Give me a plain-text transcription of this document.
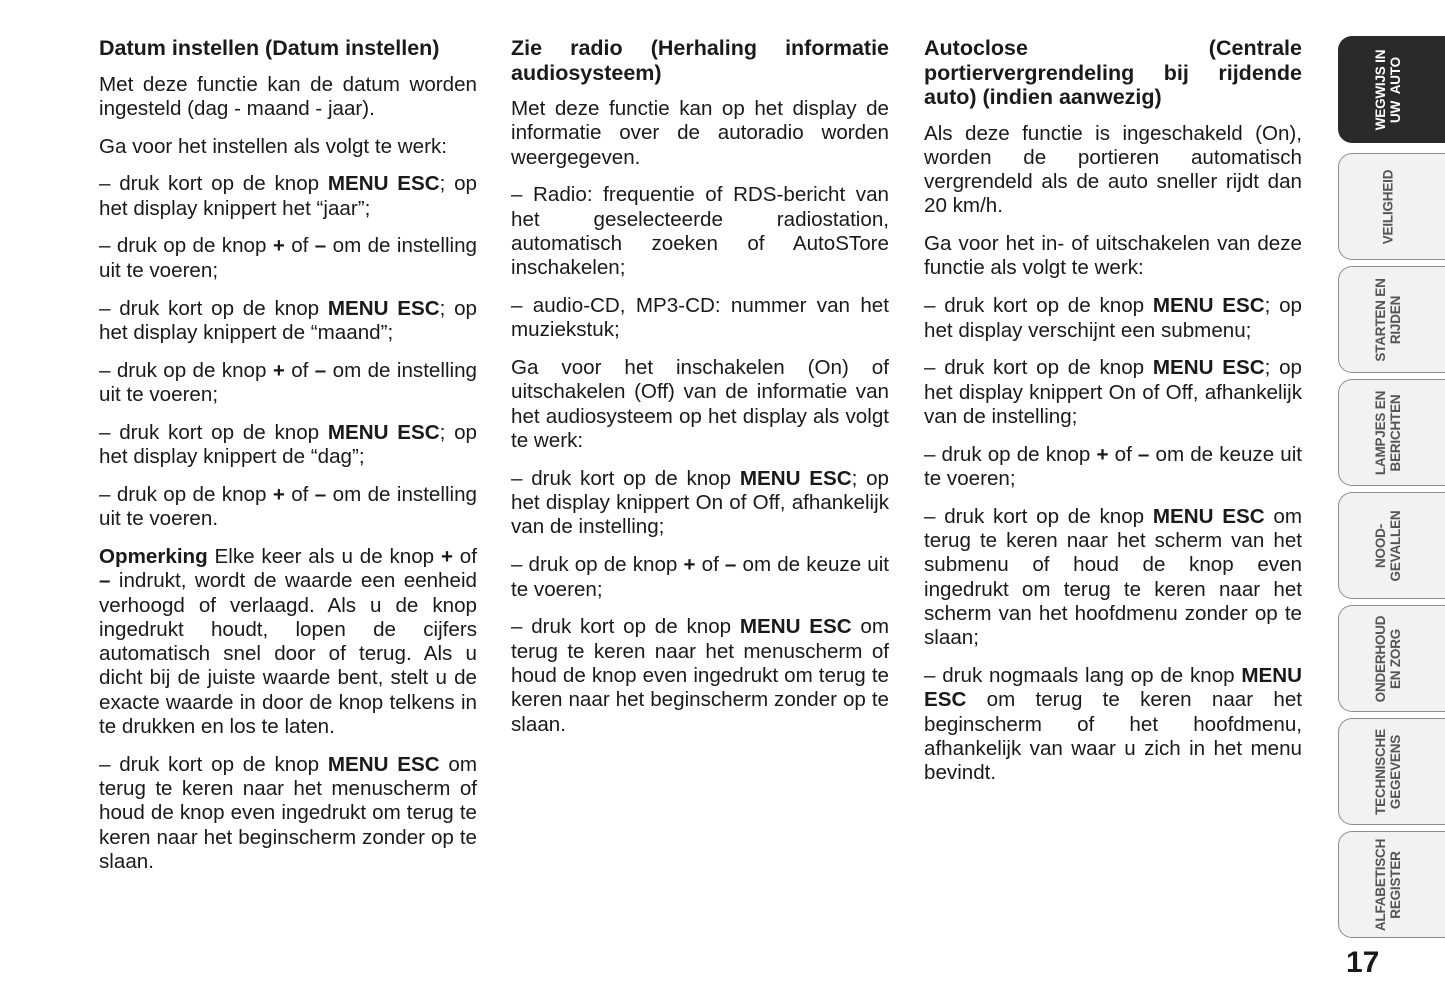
Datum instellen (Datum instellen)

Met deze functie kan de datum worden ingesteld (dag - maand - jaar).

Ga voor het instellen als volgt te werk:

– druk kort op de knop MENU ESC; op het display knippert het “jaar”;

– druk op de knop + of – om de instelling uit te voeren;

– druk kort op de knop MENU ESC; op het display knippert de “maand”;

– druk op de knop + of – om de instelling uit te voeren;

– druk kort op de knop MENU ESC; op het display knippert de “dag”;

– druk op de knop + of – om de instelling uit te voeren.

Opmerking Elke keer als u de knop + of – indrukt, wordt de waarde een eenheid verhoogd of verlaagd. Als u de knop ingedrukt houdt, lopen de cijfers automatisch snel door of terug. Als u dicht bij de juiste waarde bent, stelt u de exacte waarde in door de knop telkens in te drukken en los te laten.

– druk kort op de knop MENU ESC om terug te keren naar het menuscherm of houd de knop even ingedrukt om terug te keren naar het beginscherm zonder op te slaan.

Zie radio (Herhaling informatie audiosysteem)

Met deze functie kan op het display de informatie over de autoradio worden weergegeven.

– Radio: frequentie of RDS-bericht van het geselecteerde radiostation, automatisch zoeken of AutoSTore inschakelen;

– audio-CD, MP3-CD: nummer van het muziekstuk;

Ga voor het inschakelen (On) of uitschakelen (Off) van de informatie van het audiosysteem op het display als volgt te werk:

– druk kort op de knop MENU ESC; op het display knippert On of Off, afhankelijk van de instelling;

– druk op de knop + of – om de keuze uit te voeren;

– druk kort op de knop MENU ESC om terug te keren naar het menuscherm of houd de knop even ingedrukt om terug te keren naar het beginscherm zonder op te slaan.

Autoclose (Centrale portiervergrendeling bij rijdende auto) (indien aanwezig)

Als deze functie is ingeschakeld (On), worden de portieren automatisch vergrendeld als de auto sneller rijdt dan 20 km/h.

Ga voor het in- of uitschakelen van deze functie als volgt te werk:

– druk kort op de knop MENU ESC; op het display verschijnt een submenu;

– druk kort op de knop MENU ESC; op het display knippert On of Off, afhankelijk van de instelling;

– druk op de knop + of – om de keuze uit te voeren;

– druk kort op de knop MENU ESC om terug te keren naar het scherm van het submenu of houd de knop even ingedrukt om terug te keren naar het scherm van het hoofdmenu zonder op te slaan;

– druk nogmaals lang op de knop MENU ESC om terug te keren naar het beginscherm of het hoofdmenu, afhankelijk van waar u zich in het menu bevindt.

WEGWIJS IN
UW  AUTO
VEILIGHEID
STARTEN EN
RIJDEN
LAMPJES EN
BERICHTEN
NOOD-
GEVALLEN
ONDERHOUD
EN ZORG
TECHNISCHE
GEGEVENS
ALFABETISCH
REGISTER
17
